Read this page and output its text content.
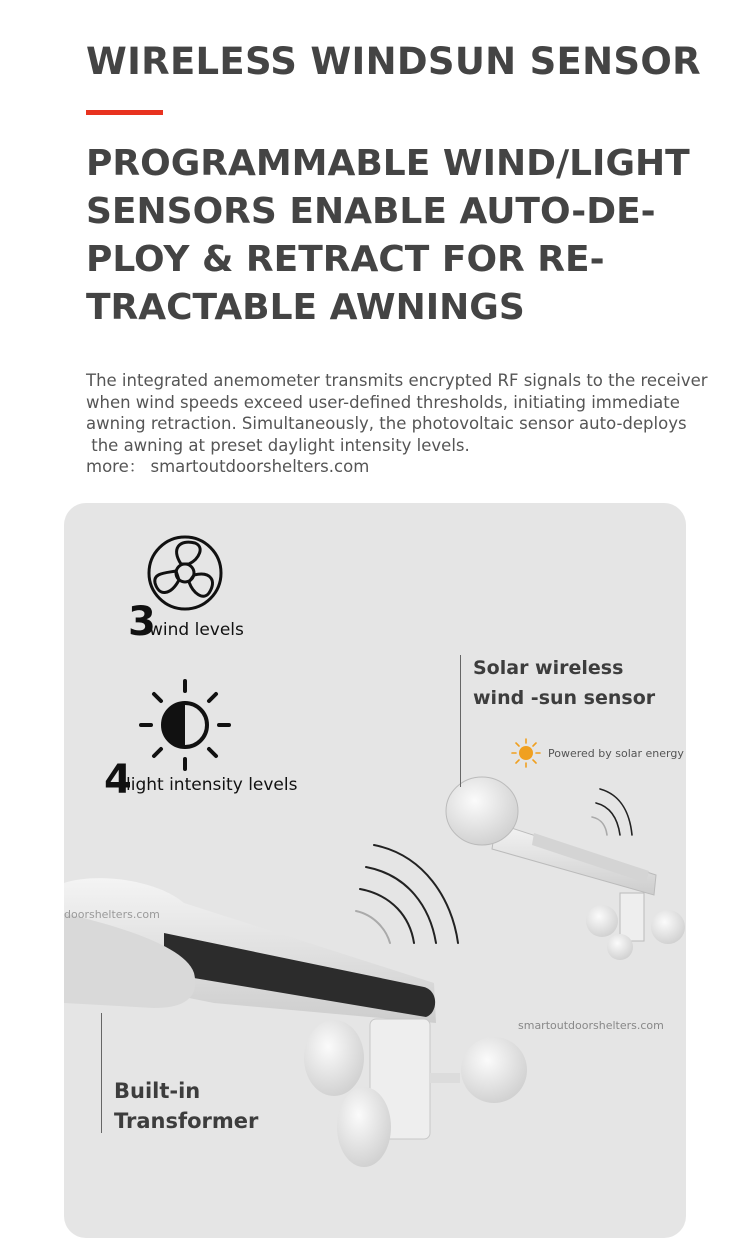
WIRELESS WINDSUN SENSOR
PROGRAMMABLE WIND/LIGHT
SENSORS ENABLE AUTO-DE-
PLOY & RETRACT FOR RE-
TRACTABLE AWNINGS
The integrated anemometer transmits encrypted RF signals to the receiver
when wind speeds exceed user-defined thresholds, initiating immediate
awning retraction. Simultaneously, the photovoltaic sensor auto-deploys
the awning at preset daylight intensity levels.
more： smartoutdoorshelters.com
3
wind levels
4
light intensity levels
Solar wireless
wind -sun sensor
Powered by solar energy
doorshelters.com
smartoutdoorshelters.com
Built-in
Transformer
